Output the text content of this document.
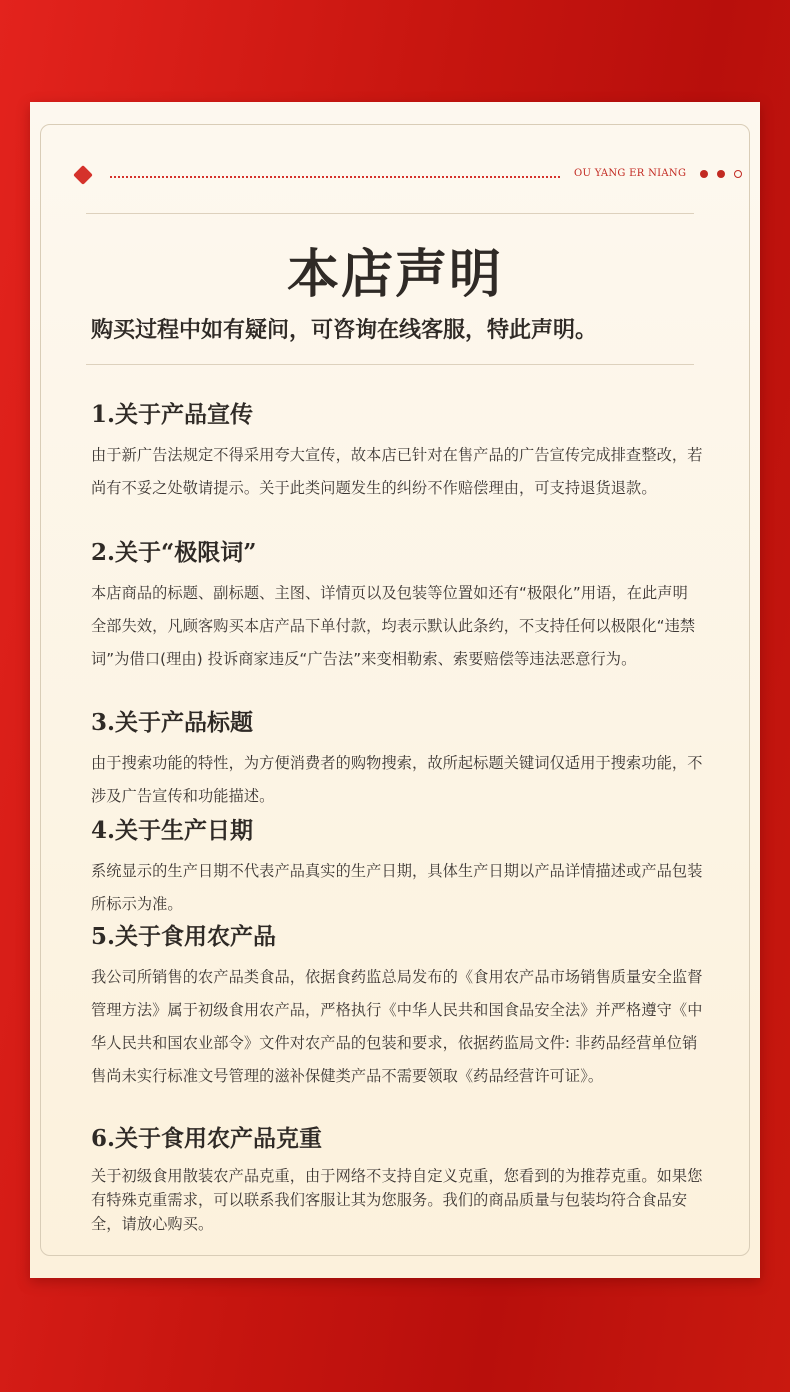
OU YANG ER NIANG
本店声明
购买过程中如有疑问，可咨询在线客服，特此声明。
1.关于产品宣传
由于新广告法规定不得采用夸大宣传，故本店已针对在售产品的广告宣传完成排查整改，若尚有不妥之处敬请提示。关于此类问题发生的纠纷不作赔偿理由，可支持退货退款。
2.关于“极限词”
本店商品的标题、副标题、主图、详情页以及包装等位置如还有“极限化”用语，在此声明全部失效，凡顾客购买本店产品下单付款，均表示默认此条约，不支持任何以极限化“违禁词”为借口(理由) 投诉商家违反“广告法”来变相勒索、索要赔偿等违法恶意行为。
3.关于产品标题
由于搜索功能的特性，为方便消费者的购物搜索，故所起标题关键词仅适用于搜索功能，不涉及广告宣传和功能描述。
4.关于生产日期
系统显示的生产日期不代表产品真实的生产日期，具体生产日期以产品详情描述或产品包装所标示为准。
5.关于食用农产品
我公司所销售的农产品类食品，依据食药监总局发布的《食用农产品市场销售质量安全监督管理方法》属于初级食用农产品，严格执行《中华人民共和国食品安全法》并严格遵守《中华人民共和国农业部令》文件对农产品的包装和要求，依据药监局文件: 非药品经营单位销售尚未实行标准文号管理的滋补保健类产品不需要领取《药品经营许可证》。
6.关于食用农产品克重
关于初级食用散装农产品克重，由于网络不支持自定义克重，您看到的为推荐克重。如果您有特殊克重需求，可以联系我们客服让其为您服务。我们的商品质量与包装均符合食品安全，请放心购买。
